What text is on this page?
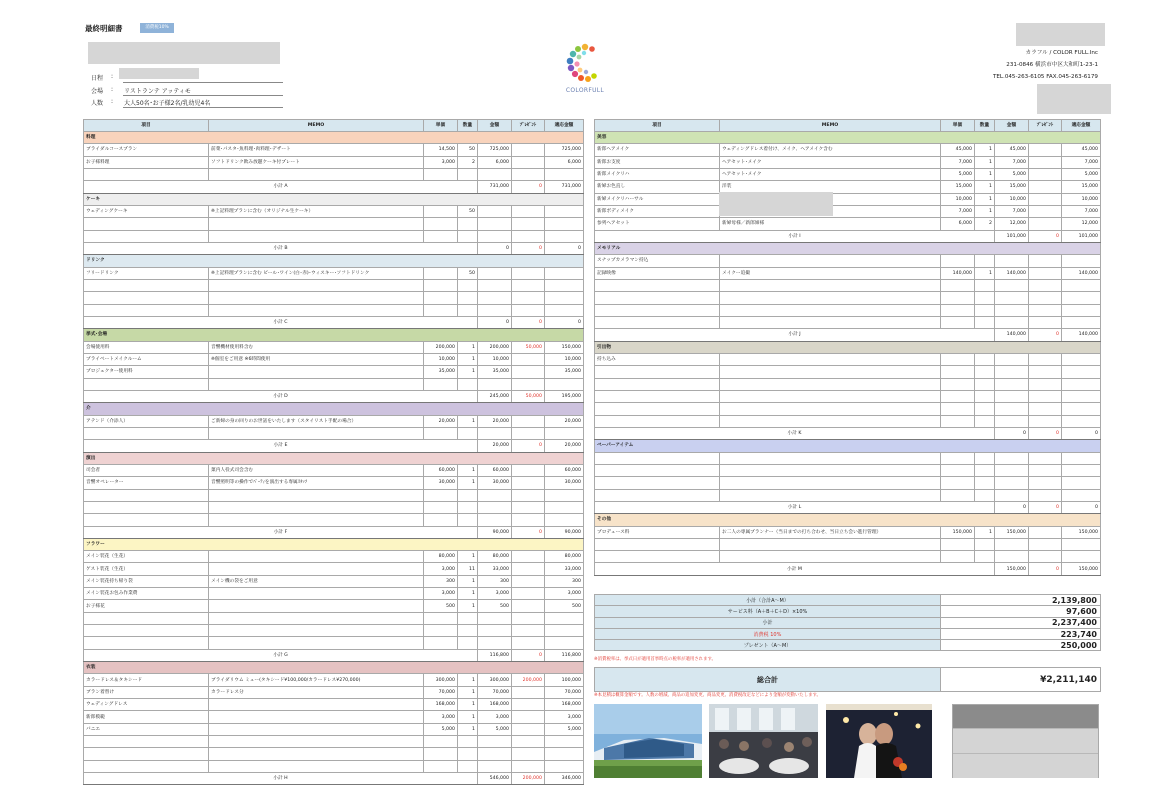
最終明細書	消費税10%
日程	:
会場	: リストランテ アッティモ
人数	: 大人50名･お子様2名/乳幼児4名
COLORFULL
カラフル / COLOR FULL.Inc
231-0846 横浜市中区大和町1-23-1
TEL.045-263-6105 FAX.045-263-6179
項目	MEMO	単価	数量	金額	ﾌﾟﾚｾﾞﾝﾄ	適応金額
料理						
ブライダルコースプラン	前菜･パスタ･魚料理･肉料理･デザート	14,500	50	725,000		725,000
お子様料理	ソフトドリンク飲み放題ケーキ付プレート	3,000	2	6,000		6,000

小計 A				731,000	0	731,000
ケーキ						
ウェディングケーキ	※上記料理プランに含む（オリジナル生ケーキ）		50			

小計 B				0	0	0
ドリンク						
フリードリンク	※上記料理プランに含む ビール･ワイン(白･赤)･ウィスキー･ソフトドリンク		50			

小計 C				0	0	0
挙式･会場						
会場使用料	音響機材使用料含む	200,000	1	200,000	50,000	150,000
プライベートメイクルーム	※個室をご用意 ※6時間使用	10,000	1	10,000		10,000
プロジェクター使用料		35,000	1	35,000		35,000

小計 D				245,000	50,000	195,000
介						
アテンド（介添人）	ご新婦の身の回りのお世話をいたします（スタイリスト手配の場合）	20,000	1	20,000		20,000

小計 E				20,000	0	20,000
演出						
司会者	菓内人役式司会含む	60,000	1	60,000		60,000
音響オペレーター	音響照明等の操作でﾊﾟｰﾃｨを演出する専属ｽﾀｯﾌ	30,000	1	30,000		30,000

小計 F				90,000	0	90,000
フラワー						
メイン装花（生花）		80,000	1	80,000		80,000
ゲスト装花（生花）		3,000	11	33,000		33,000
メイン装花持ち帰り袋	メイン機の袋をご用意	300	1	300		300
メイン装花お包み作業費		3,000	1	3,000		3,000
お子様花		500	1	500		500

小計 G				116,800	0	116,800
衣装						
カラードレス＆タキシード	ブライダリウム ミュー(タキシード¥100,000/カラードレス¥270,000)	300,000	1	300,000	200,000	100,000
ブラン着替け	カラードレス分	70,000	1	70,000		70,000
ウェディングドレス		168,000	1	168,000		168,000
新郎模範		3,000	1	3,000		3,000
バニエ		5,000	1	5,000		5,000

小計 H				546,000	200,000	346,000
項目	MEMO	単価	数量	金額	ﾌﾟﾚｾﾞﾝﾄ	適応金額
美容						
新郎ヘアメイク	ウェディングドレス着付け、メイク、ヘアメイク含む	45,000	1	45,000		45,000
新郎お支度	ヘアセット･メイク	7,000	1	7,000		7,000
新郎メイクリハ	ヘアセット･メイク	5,000	1	5,000		5,000
新婦お色直し	洋装	15,000	1	15,000		15,000
新婦メイクリハーサル		10,000	1	10,000		10,000
新郎ボディメイク		7,000	1	7,000		7,000
参列ヘアセット	新婦母様／新郎姉様	6,000	2	12,000		12,000
小計 I				101,000	0	101,000
メモリアル						
スナップカメラマン持込						
記録映像	メイクー追撮	140,000	1	140,000		140,000

小計 J				140,000	0	140,000
引出物						
持ち込み						

小計 K				0	0	0
ペーパーアイテム						

小計 L				0	0	0
その他						
プロデュース料	お二人の専属プランナー（当日までの打ち合わせ、当日立ち会い進行管理）	150,000	1	150,000		150,000

小計 M				150,000	0	150,000
小計（合計A〜M）	2,139,800
サービス料（A＋B＋C＋D）×10%	97,600
小計	2,237,400
消費税 10%	223,740
プレゼント（A〜M）	250,000
※消費税率は、挙式日が適用首挙時点の税率が適用されます。
総合計	¥2,211,140
※本見積は概算金額です。人数の増減、商品の追加変更、商品変更、消費税改定などにより金額が変動いたします。
